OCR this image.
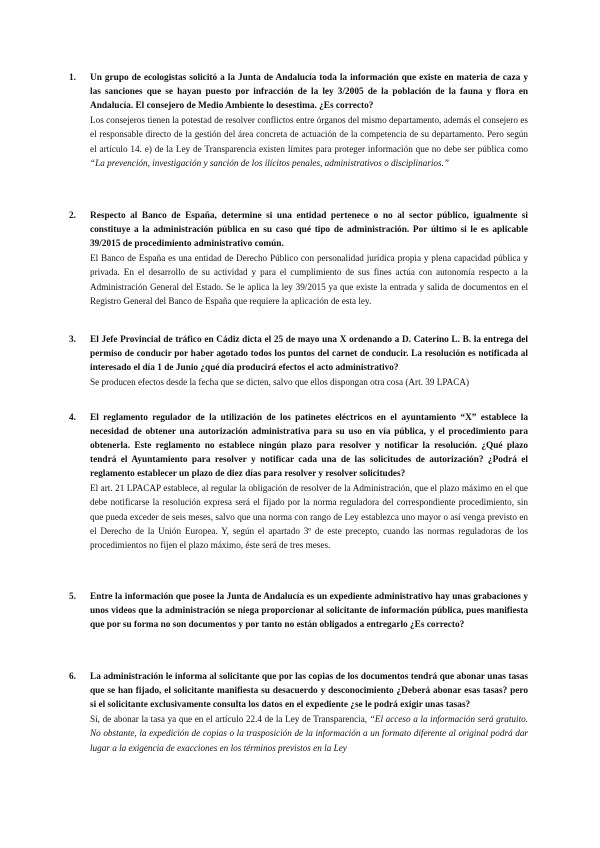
1. Un grupo de ecologistas solicitó a la Junta de Andalucía toda la información que existe en materia de caza y las sanciones que se hayan puesto por infracción de la ley 3/2005 de la población de la fauna y flora en Andalucía. El consejero de Medio Ambiente lo desestima. ¿Es correcto?

Los consejeros tienen la potestad de resolver conflictos entre órganos del mismo departamento, además el consejero es el responsable directo de la gestión del área concreta de actuación de la competencia de su departamento. Pero según el artículo 14. e) de la Ley de Transparencia existen límites para proteger información que no debe ser pública como “La prevención, investigación y sanción de los ilícitos penales, administrativos o disciplinarios.”

2. Respecto al Banco de España, determine si una entidad pertenece o no al sector público, igualmente si constituye a la administración pública en su caso qué tipo de administración. Por último si le es aplicable 39/2015 de procedimiento administrativo común.

El Banco de España es una entidad de Derecho Público con personalidad jurídica propia y plena capacidad pública y privada. En el desarrollo de su actividad y para el cumplimiento de sus fines actúa con autonomía respecto a la Administración General del Estado. Se le aplica la ley 39/2015 ya que existe la entrada y salida de documentos en el Registro General del Banco de España que requiere la aplicación de esta ley.

3. El Jefe Provincial de tráfico en Cádiz dicta el 25 de mayo una X ordenando a D. Caterino L. B. la entrega del permiso de conducir por haber agotado todos los puntos del carnet de conducir. La resolución es notificada al interesado el día 1 de Junio ¿qué día producirá efectos el acto administrativo?

Se producen efectos desde la fecha que se dicten, salvo que ellos dispongan otra cosa (Art. 39 LPACA)

4. El reglamento regulador de la utilización de los patinetes eléctricos en el ayuntamiento “X” establece la necesidad de obtener una autorización administrativa para su uso en vía pública, y el procedimiento para obtenerla. Este reglamento no establece ningún plazo para resolver y notificar la resolución. ¿Qué plazo tendrá el Ayuntamiento para resolver y notificar cada una de las solicitudes de autorización? ¿Podrá el reglamento establecer un plazo de diez días para resolver y resolver solicitudes?

El art. 21 LPACAP establece, al regular la obligación de resolver de la Administración, que el plazo máximo en el que debe notificarse la resolución expresa será el fijado por la norma reguladora del correspondiente procedimiento, sin que pueda exceder de seis meses, salvo que una norma con rango de Ley establezca uno mayor o así venga previsto en el Derecho de la Unión Europea. Y, según el apartado 3º de este precepto, cuando las normas reguladoras de los procedimientos no fijen el plazo máximo, éste será de tres meses.

5. Entre la información que posee la Junta de Andalucía es un expediente administrativo hay unas grabaciones y unos videos que la administración se niega proporcionar al solicitante de información pública, pues manifiesta que por su forma no son documentos y por tanto no están obligados a entregarlo ¿Es correcto?

6. La administración le informa al solicitante que por las copias de los documentos tendrá que abonar unas tasas que se han fijado, el solicitante manifiesta su desacuerdo y desconocimiento ¿Deberá abonar esas tasas? pero si el solicitante exclusivamente consulta los datos en el expediente ¿se le podrá exigir unas tasas?

Sí, de abonar la tasa ya que en el artículo 22.4 de la Ley de Transparencia, “El acceso a la información será gratuito. No obstante, la expedición de copias o la trasposición de la información a un formato diferente al original podrá dar lugar a la exigencia de exacciones en los términos previstos en la Ley
